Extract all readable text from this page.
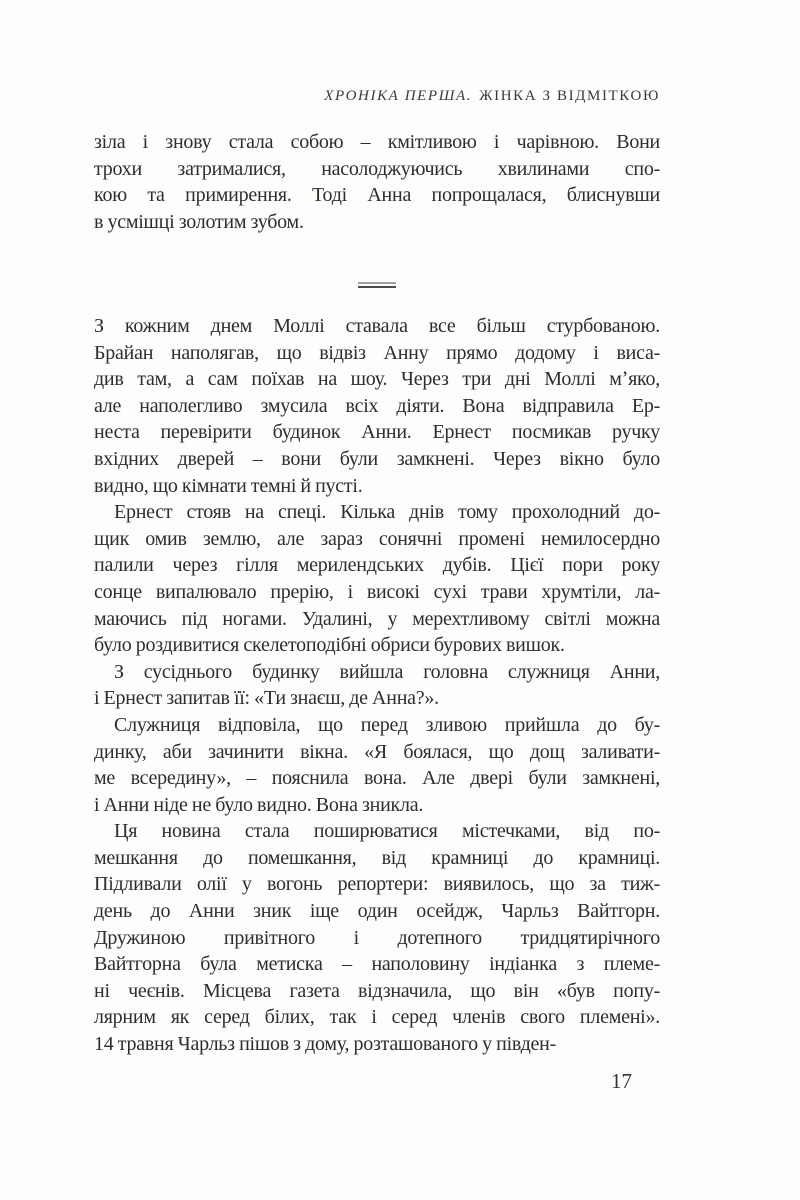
ХРОНІКА ПЕРША. ЖІНКА З ВІДМІТКОЮ
зіла і знову стала собою – кмітливою і чарівною. Вони
трохи затрималися, насолоджуючись хвилинами спо-
кою та примирення. Тоді Анна попрощалася, блиснувши
в усмішці золотим зубом.
З кожним днем Моллі ставала все більш стурбованою.
Брайан наполягав, що відвіз Анну прямо додому і виса-
див там, а сам поїхав на шоу. Через три дні Моллі мʼяко,
але наполегливо змусила всіх діяти. Вона відправила Ер-
неста перевірити будинок Анни. Ернест посмикав ручку
вхідних дверей – вони були замкнені. Через вікно було
видно, що кімнати темні й пусті.
Ернест стояв на спеці. Кілька днів тому прохолодний до-
щик омив землю, але зараз сонячні промені немилосердно
палили через гілля мерилендських дубів. Цієї пори року
сонце випалювало прерію, і високі сухі трави хрумтіли, ла-
маючись під ногами. Удалині, у мерехтливому світлі можна
було роздивитися скелетоподібні обриси бурових вишок.
З сусіднього будинку вийшла головна служниця Анни,
і Ернест запитав її: «Ти знаєш, де Анна?».
Служниця відповіла, що перед зливою прийшла до бу-
динку, аби зачинити вікна. «Я боялася, що дощ заливати-
ме всередину», – пояснила вона. Але двері були замкнені,
і Анни ніде не було видно. Вона зникла.
Ця новина стала поширюватися містечками, від по-
мешкання до помешкання, від крамниці до крамниці.
Підливали олії у вогонь репортери: виявилось, що за тиж-
день до Анни зник іще один осейдж, Чарльз Вайтгорн.
Дружиною привітного і дотепного тридцятирічного
Вайтгорна була метиска – наполовину індіанка з племе-
ні чеєнів. Місцева газета відзначила, що він «був попу-
лярним як серед білих, так і серед членів свого племені».
14 травня Чарльз пішов з дому, розташованого у півден-
17
